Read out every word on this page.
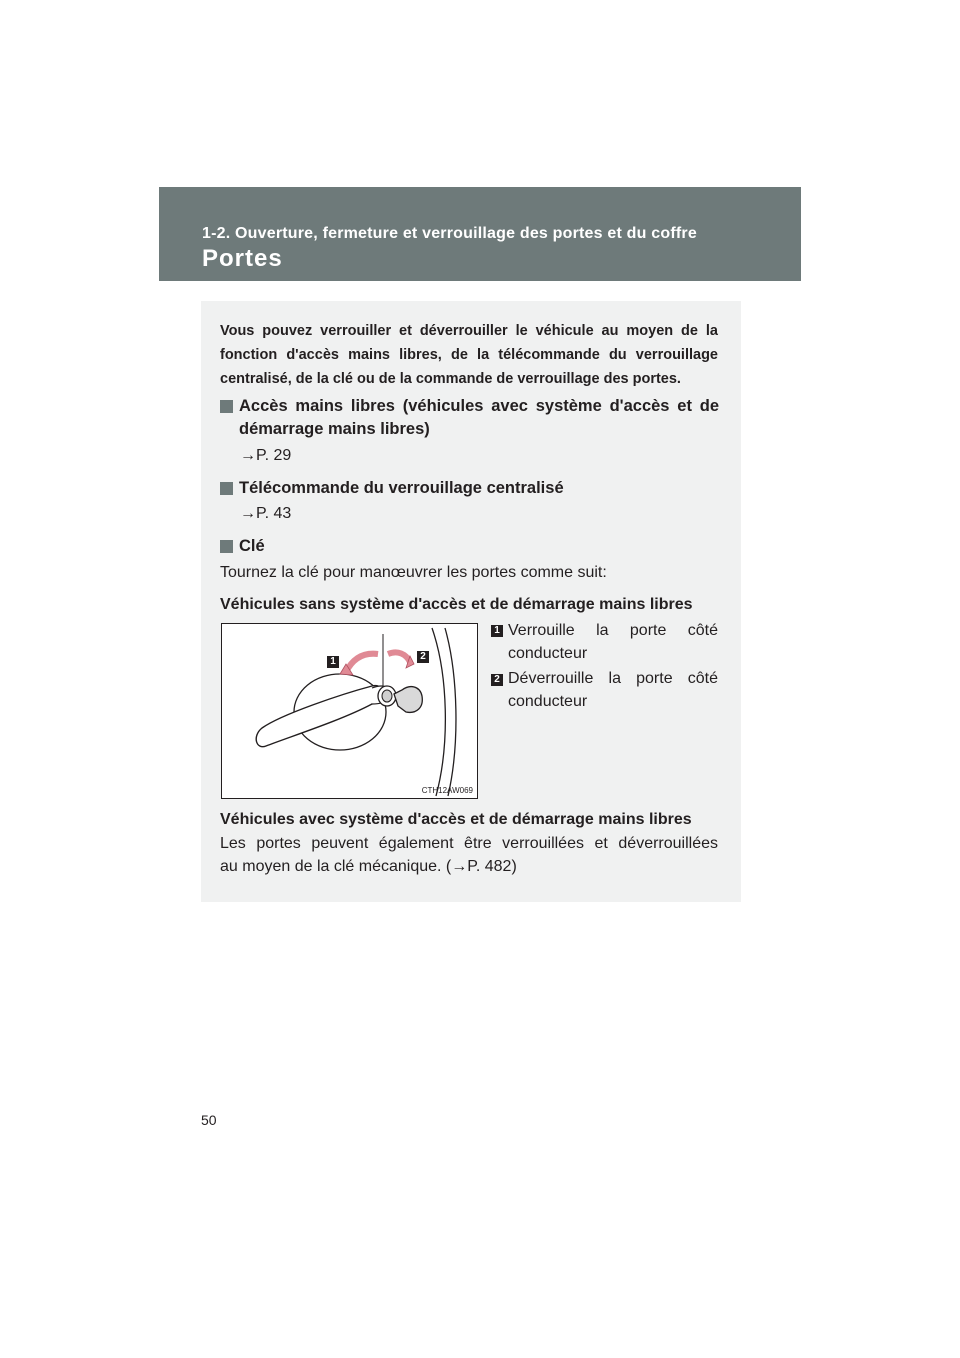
1-2. Ouverture, fermeture et verrouillage des portes et du coffre
Portes
Vous pouvez verrouiller et déverrouiller le véhicule au moyen de la
fonction d'accès mains libres, de la télécommande du verrouillage
centralisé, de la clé ou de la commande de verrouillage des portes.
Accès mains libres (véhicules avec système d'accès et de
démarrage mains libres)
→P. 29
Télécommande du verrouillage centralisé
→P. 43
Clé
Tournez la clé pour manœuvrer les portes comme suit:
Véhicules sans système d'accès et de démarrage mains libres
1	2
CTH12AW069
1 Verrouille la porte côté
conducteur
2 Déverrouille la porte côté
conducteur
Véhicules avec système d'accès et de démarrage mains libres
Les portes peuvent également être verrouillées et déverrouillées
au moyen de la clé mécanique. (→P. 482)
50
